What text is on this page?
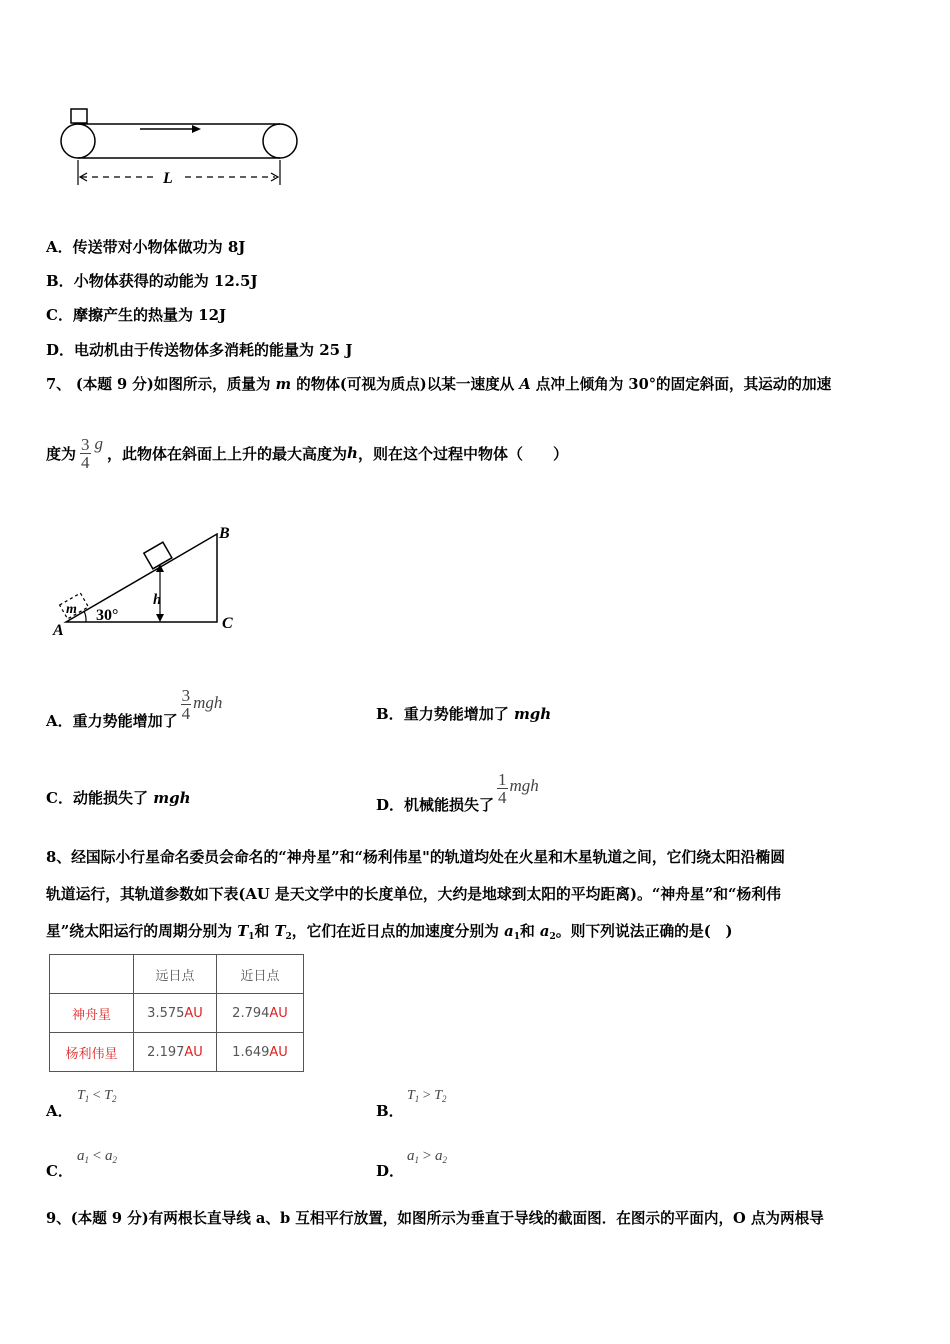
L
A．传送带对小物体做功为 8J
B．小物体获得的动能为 12.5J
C．摩擦产生的热量为 12J
D．电动机由于传送物体多消耗的能量为 25 J
7、 (本题 9 分)如图所示，质量为 m 的物体(可视为质点)以某一速度从 A 点冲上倾角为 30°的固定斜面，其运动的加速
度为 $\frac{3}{4}$ g
，此物体在斜面上上升的最大高度为 h ，则在这个过程中物体（　　）
h
B
C
A
m 30°
A． 重力势能增加了 $\frac{3}{4}$ mgh
B．重力势能增加了 mgh
C．动能损失了 mgh	D． 机械能损失了 $\frac{1}{4}$ mgh
8、经国际小行星命名委员会命名的“神舟星”和“杨利伟星"的轨道均处在火星和木星轨道之间，它们绕太阳沿椭圆
轨道运行，其轨道参数如下表(AU 是天文学中的长度单位，大约是地球到太阳的平均距离)。“神舟星”和“杨利伟
星”绕太阳运行的周期分别为 $T_1$和 $T_2$，它们在近日点的加速度分别为 $a_1$和 $a_2$。则下列说法正确的是(　)
	远日点	近日点
神舟星	3.575AU	2.794AU
杨利伟星	2.197AU	1.649AU
A．
$T_1 < T_2$
B．
$T_1 > T_2$
C．
$a_1 < a_2$
D．
$a_1 > a_2$
9、(本题 9 分)有两根长直导线 a、b 互相平行放置，如图所示为垂直于导线的截面图．在图示的平面内，O 点为两根导
